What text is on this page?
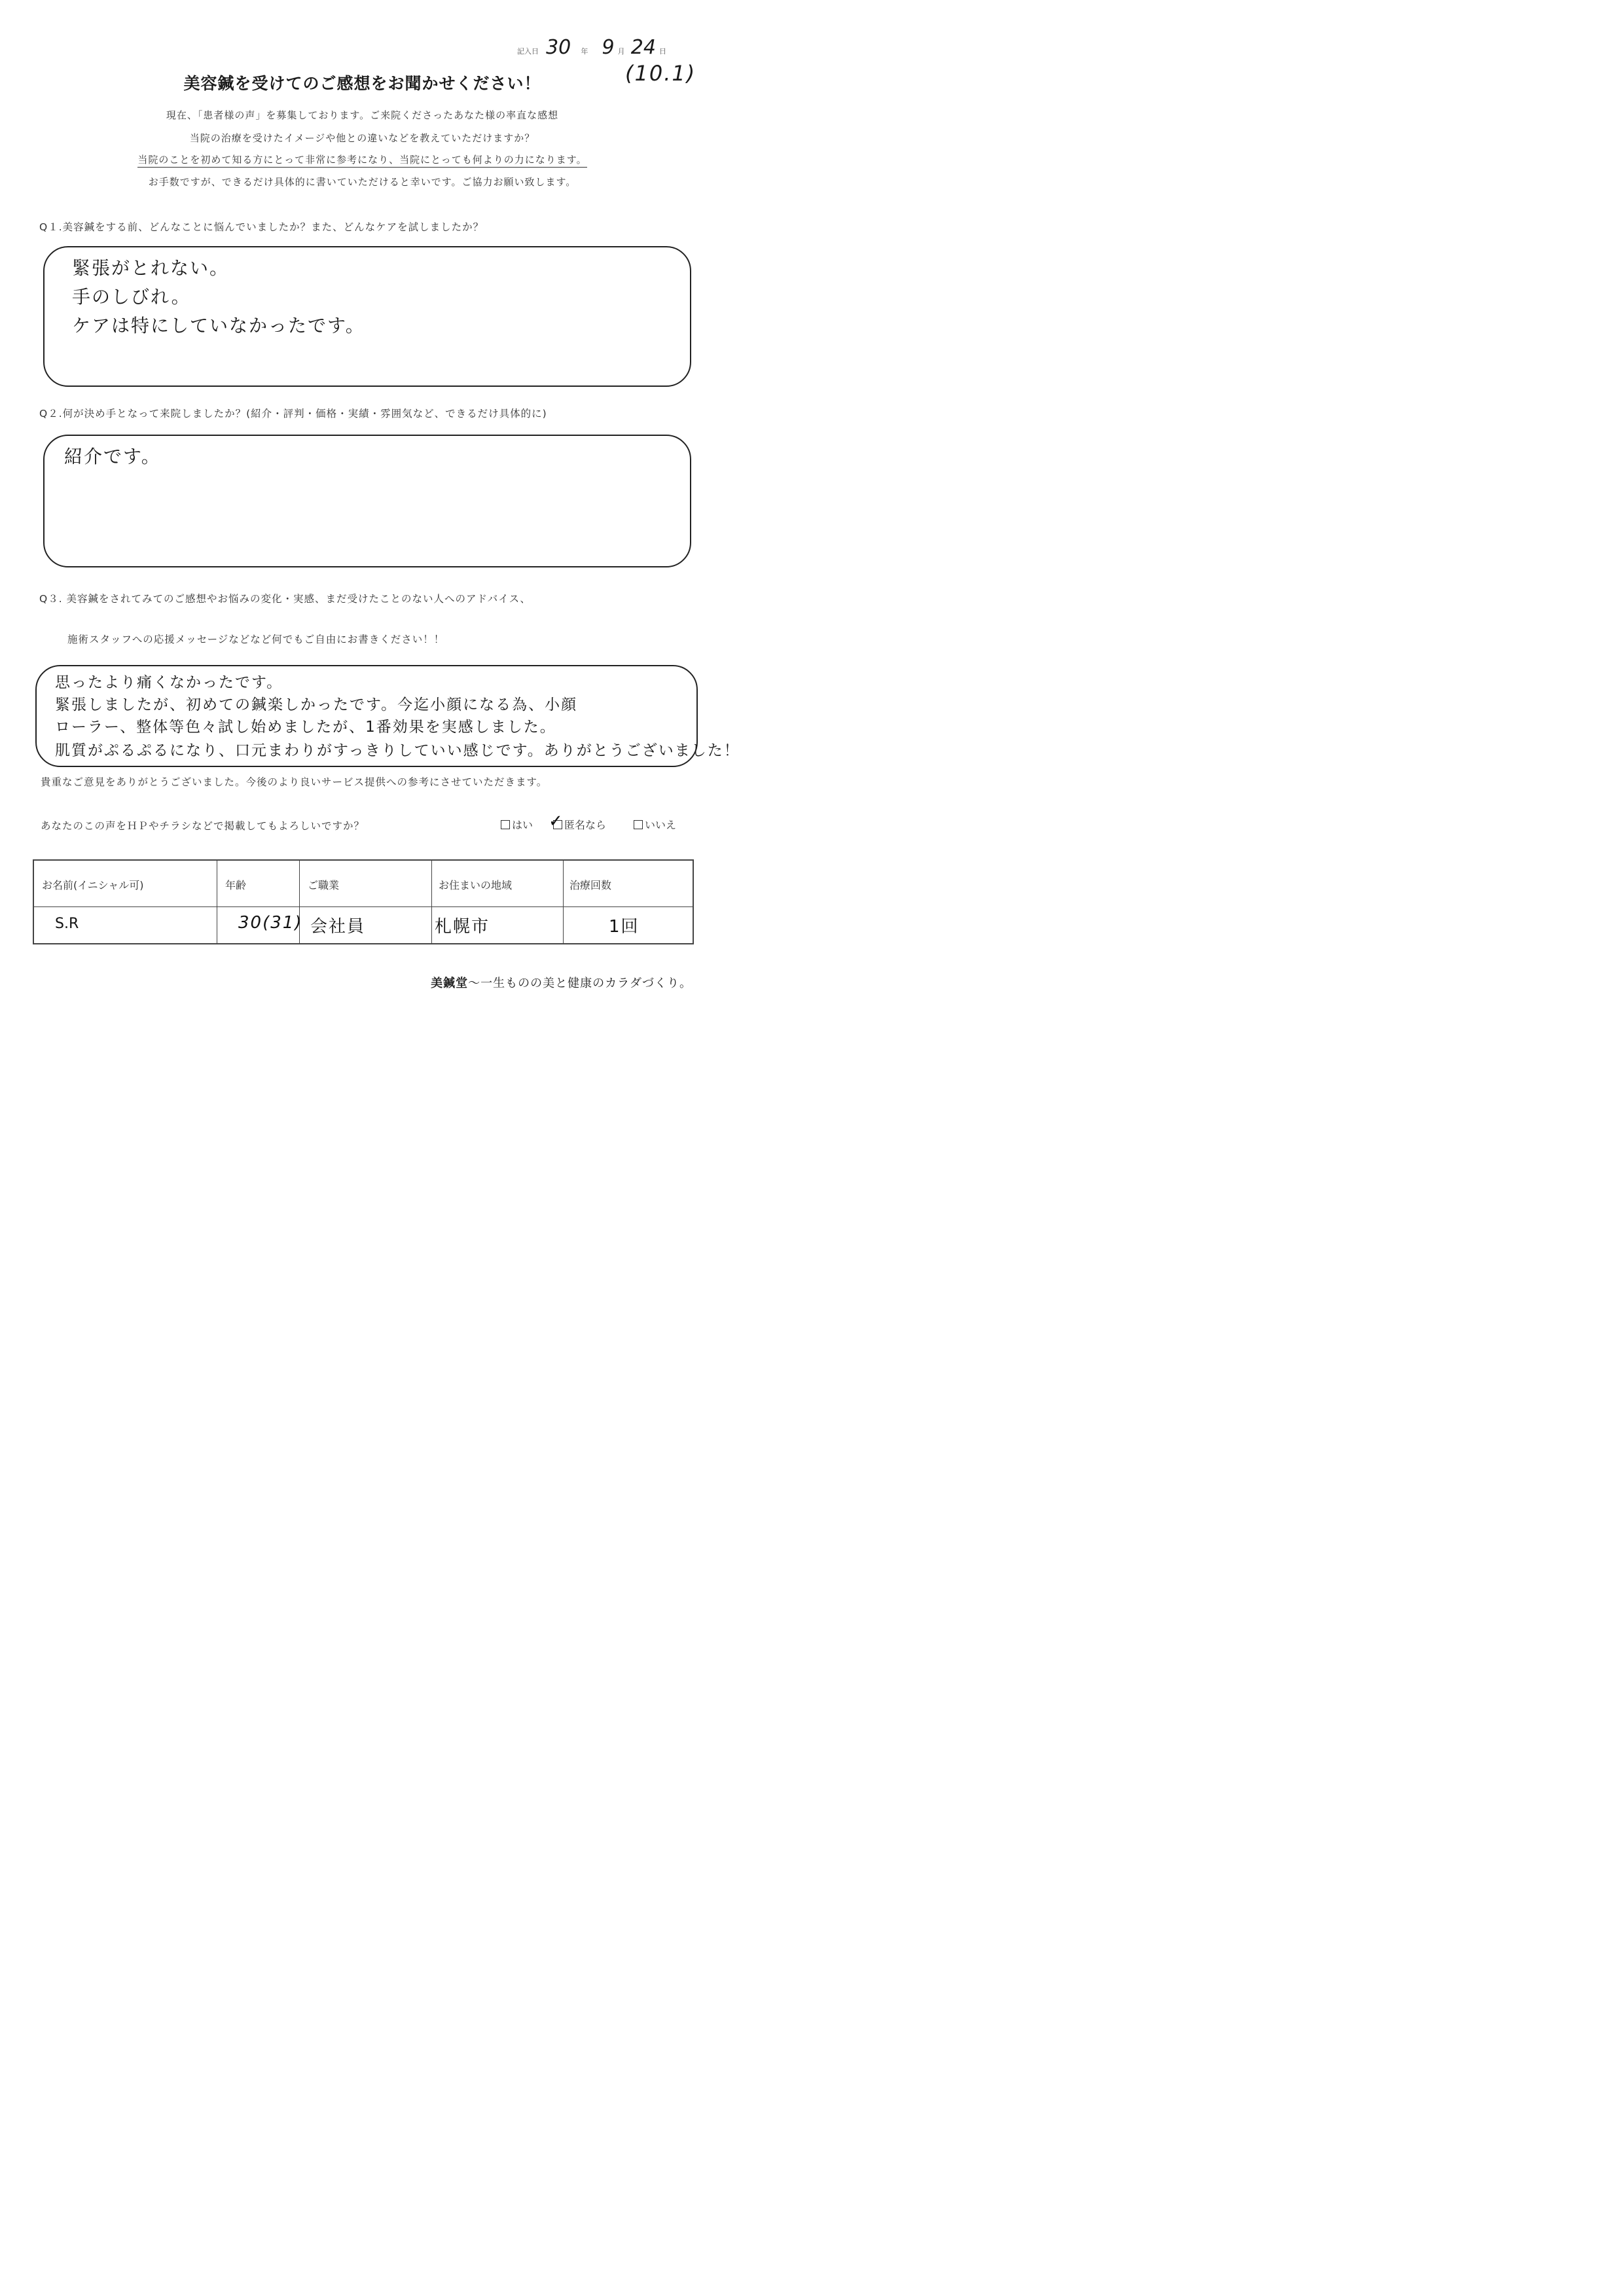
記入日 30 年 9 月 24 日
(10.1)
美容鍼を受けてのご感想をお聞かせください！
現在、「患者様の声」を募集しております。ご来院くださったあなた様の率直な感想
当院の治療を受けたイメージや他との違いなどを教えていただけますか？
当院のことを初めて知る方にとって非常に参考になり、当院にとっても何よりの力になります。
お手数ですが、できるだけ具体的に書いていただけると幸いです。ご協力お願い致します。
Q１.美容鍼をする前、どんなことに悩んでいましたか？また、どんなケアを試しましたか？
緊張がとれない。
手のしびれ。
ケアは特にしていなかったです。
Q２.何が決め手となって来院しましたか？(紹介・評判・価格・実績・雰囲気など、できるだけ具体的に)
紹介です。
Q３. 美容鍼をされてみてのご感想やお悩みの変化・実感、まだ受けたことのない人へのアドバイス、
施術スタッフへの応援メッセージなどなど何でもご自由にお書きください！！
思ったより痛くなかったです。
緊張しましたが、初めての鍼楽しかったです。今迄小顔になる為、小顔
ローラー、整体等色々試し始めましたが、1番効果を実感しました。
肌質がぷるぷるになり、口元まわりがすっきりしていい感じです。ありがとうございました！
貴重なご意見をありがとうございました。今後のより良いサービス提供への参考にさせていただきます。
あなたのこの声をＨＰやチラシなどで掲載してもよろしいですか？	はい ✓ 匿名なら	いいえ
お名前(イニシャル可)	年齢	ご職業	お住まいの地域	治療回数
S.R	30(31) 会社員	札幌市	1回
美鍼堂～一生ものの美と健康のカラダづくり。
